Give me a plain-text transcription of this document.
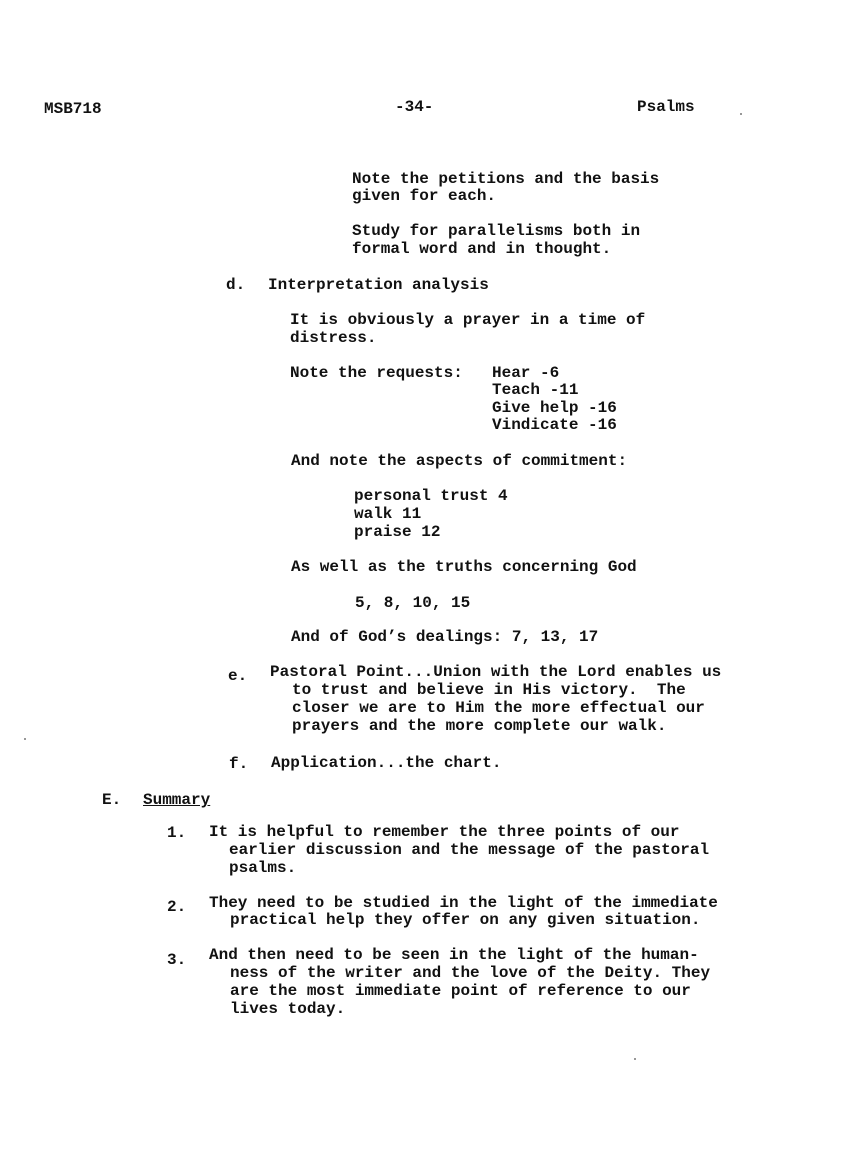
MSB718	-34-	Psalms
Note the petitions and the basis
given for each.
Study for parallelisms both in
formal word and in thought.
d. Interpretation analysis
It is obviously a prayer in a time of
distress.
Note the requests: Hear -6
Teach -11
Give help -16
Vindicate -16
And note the aspects of commitment:
personal trust 4
walk 11
praise 12
As well as the truths concerning God
5, 8, 10, 15
And of God’s dealings: 7, 13, 17
e. Pastoral Point...Union with the Lord enables us
to trust and believe in His victory.  The
closer we are to Him the more effectual our
prayers and the more complete our walk.
f. Application...the chart.
E. Summary
1. It is helpful to remember the three points of our
earlier discussion and the message of the pastoral
psalms.
2. They need to be studied in the light of the immediate
practical help they offer on any given situation.
3. And then need to be seen in the light of the human-
ness of the writer and the love of the Deity. They
are the most immediate point of reference to our
lives today.
